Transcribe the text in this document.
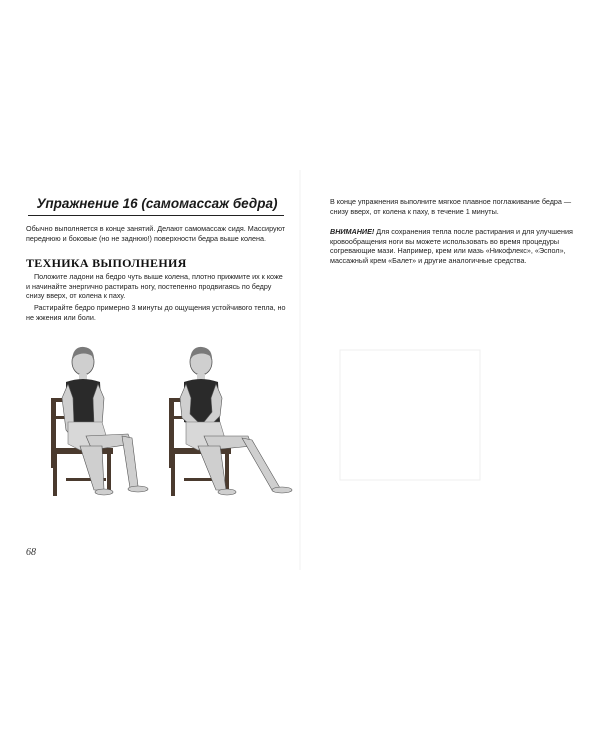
Упражнение 16 (самомассаж бедра)
Обычно выполняется в конце занятий. Делают самомассаж сидя. Массируют переднюю и боковые (но не заднюю!) поверхности бедра выше колена.
ТЕХНИКА ВЫПОЛНЕНИЯ
Положите ладони на бедро чуть выше колена, плотно прижмите их к коже и начинайте энергично растирать ногу, постепенно продвигаясь по бедру снизу вверх, от колена к паху.
Растирайте бедро примерно 3 минуты до ощущения устойчивого тепла, но не жжения или боли.
68
В конце упражнения выполните мягкое плавное поглаживание бедра — снизу вверх, от колена к паху, в течение 1 минуты.
ВНИМАНИЕ! Для сохранения тепла после растирания и для улучшения кровообращения ноги вы можете использовать во время процедуры согревающие мази. Например, крем или мазь «Никофлекс», «Эспол», массажный крем «Балет» и другие аналогичные средства.
